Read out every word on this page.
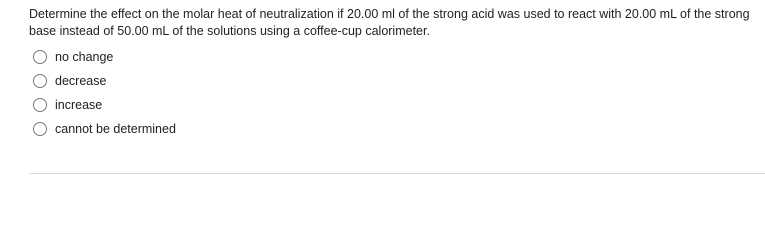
Determine the effect on the molar heat of neutralization if 20.00 ml of the strong acid was used to react with 20.00 mL of the strong base instead of 50.00 mL of the solutions using a coffee-cup calorimeter.
no change
decrease
increase
cannot be determined
